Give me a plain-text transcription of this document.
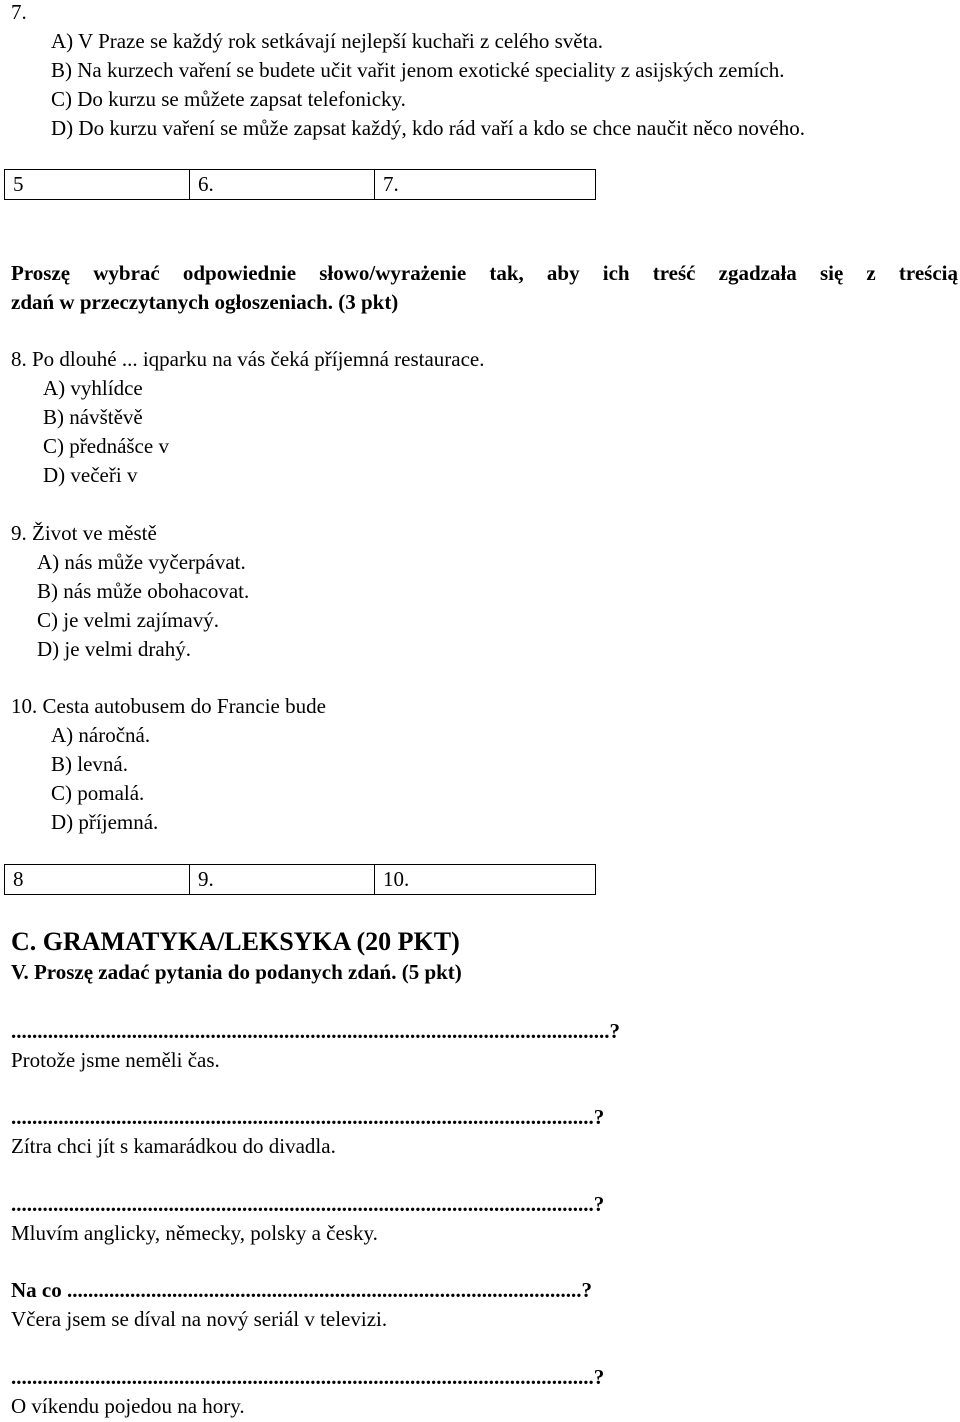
7.
A) V Praze se každý rok setkávají nejlepší kuchaři z celého světa.
B) Na kurzech vaření se budete učit vařit jenom exotické speciality z asijských zemích.
C) Do kurzu se můžete zapsat telefonicky.
D) Do kurzu vaření se může zapsat každý, kdo rád vaří a kdo se chce naučit něco nového.
5	6.	7.
Proszę wybrać odpowiednie słowo/wyrażenie tak, aby ich treść zgadzała się z treścią
zdań w przeczytanych ogłoszeniach. (3 pkt)
8. Po dlouhé ... iqparku na vás čeká příjemná restaurace.
A) vyhlídce
B) návštěvě
C) přednášce v
D) večeři v
9. Život ve městě
A) nás může vyčerpávat.
B) nás může obohacovat.
C) je velmi zajímavý.
D) je velmi drahý.
10. Cesta autobusem do Francie bude
A) náročná.
B) levná.
C) pomalá.
D) příjemná.
8	9.	10.
C. GRAMATYKA/LEKSYKA (20 PKT)
V. Proszę zadać pytania do podanych zdań. (5 pkt)
..................................................................................................................?
Protože jsme neměli čas.
...............................................................................................................?
Zítra chci jít s kamarádkou do divadla.
...............................................................................................................?
Mluvím anglicky, německy, polsky a česky.
Na co ..................................................................................................?
Včera jsem se díval na nový seriál v televizi.
...............................................................................................................?
O víkendu pojedou na hory.
